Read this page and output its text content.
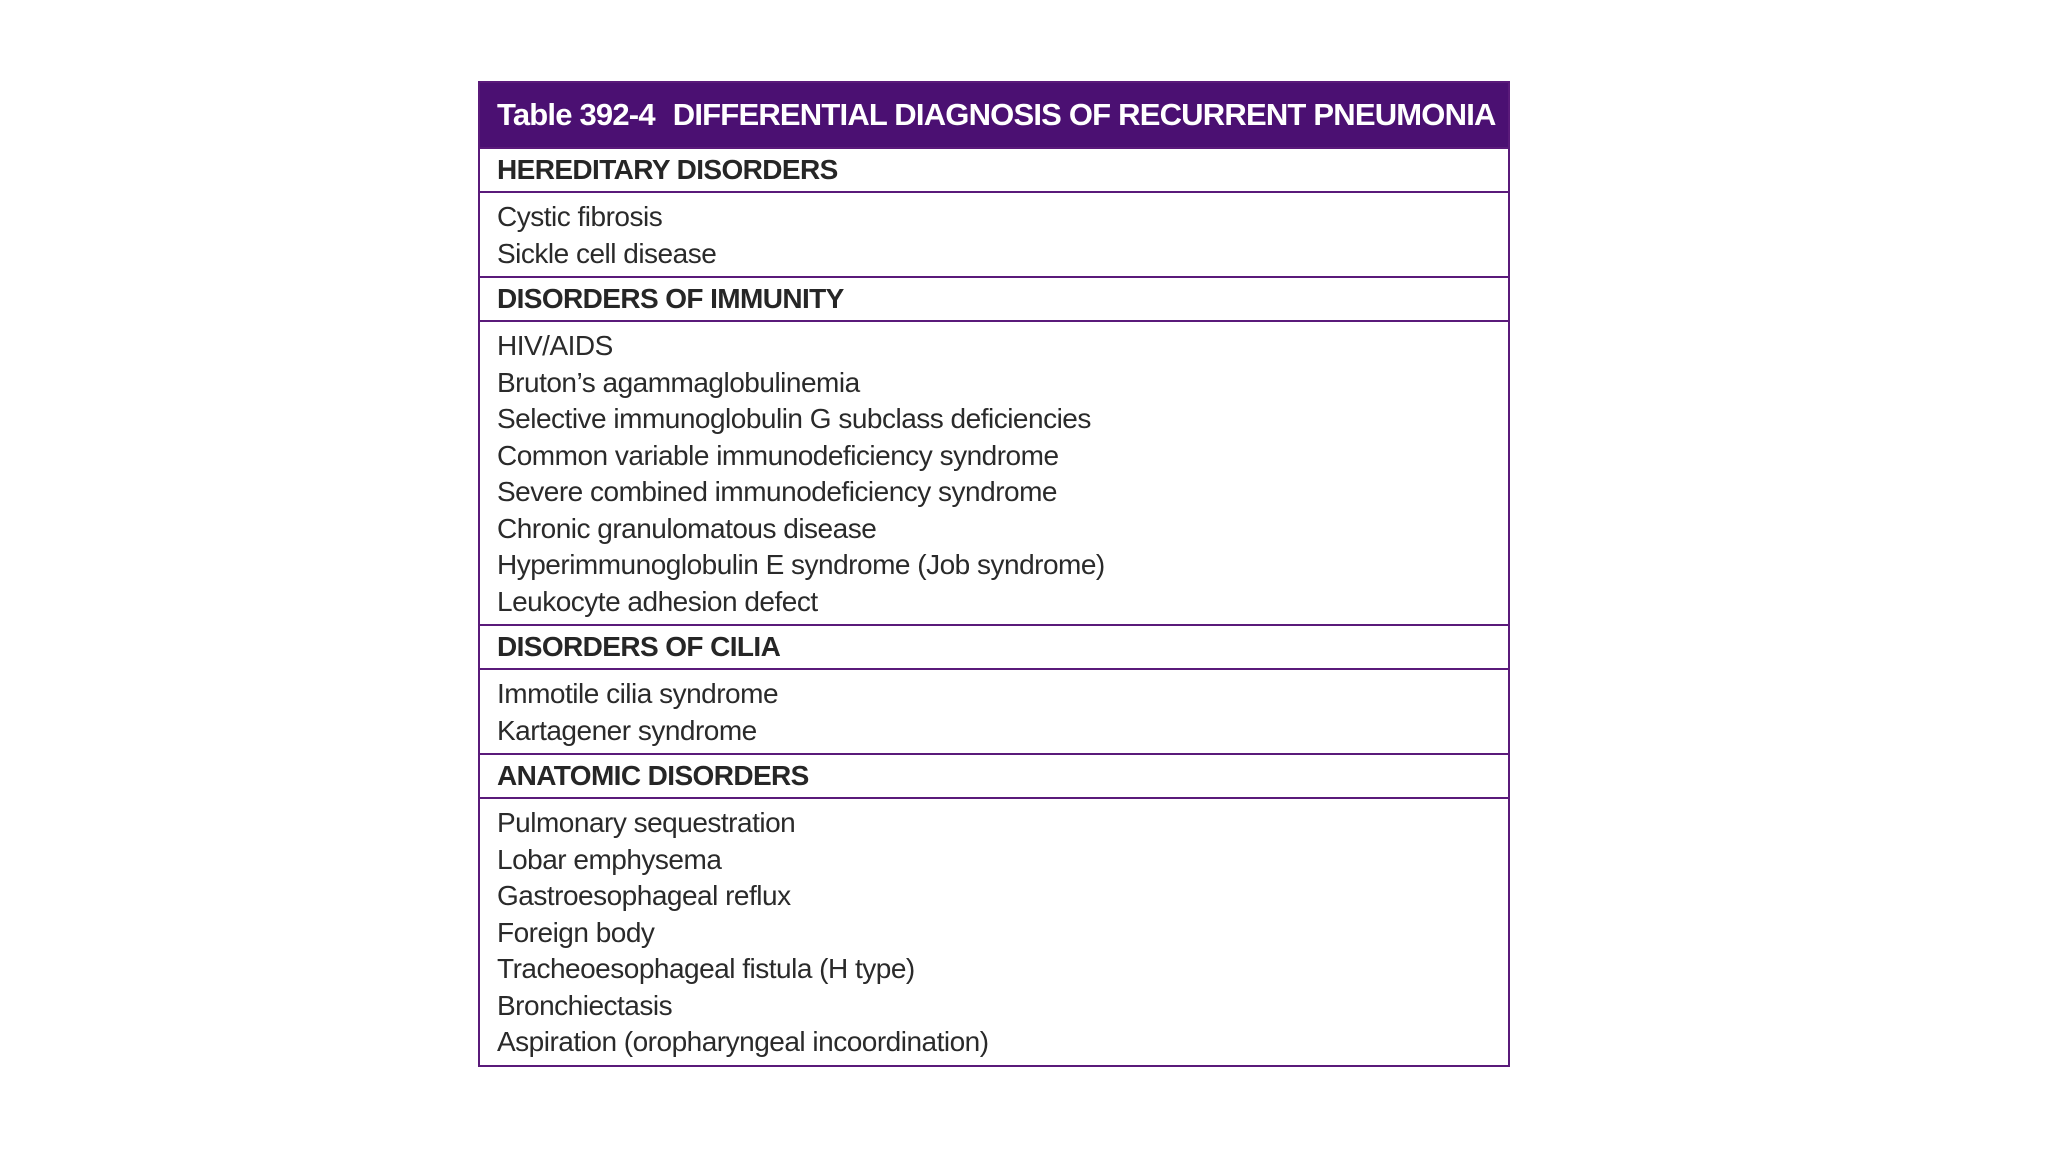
Table 392-4 DIFFERENTIAL DIAGNOSIS OF RECURRENT PNEUMONIA
HEREDITARY DISORDERS
Cystic fibrosis
Sickle cell disease
DISORDERS OF IMMUNITY
HIV/AIDS
Bruton’s agammaglobulinemia
Selective immunoglobulin G subclass deficiencies
Common variable immunodeficiency syndrome
Severe combined immunodeficiency syndrome
Chronic granulomatous disease
Hyperimmunoglobulin E syndrome (Job syndrome)
Leukocyte adhesion defect
DISORDERS OF CILIA
Immotile cilia syndrome
Kartagener syndrome
ANATOMIC DISORDERS
Pulmonary sequestration
Lobar emphysema
Gastroesophageal reflux
Foreign body
Tracheoesophageal fistula (H type)
Bronchiectasis
Aspiration (oropharyngeal incoordination)
